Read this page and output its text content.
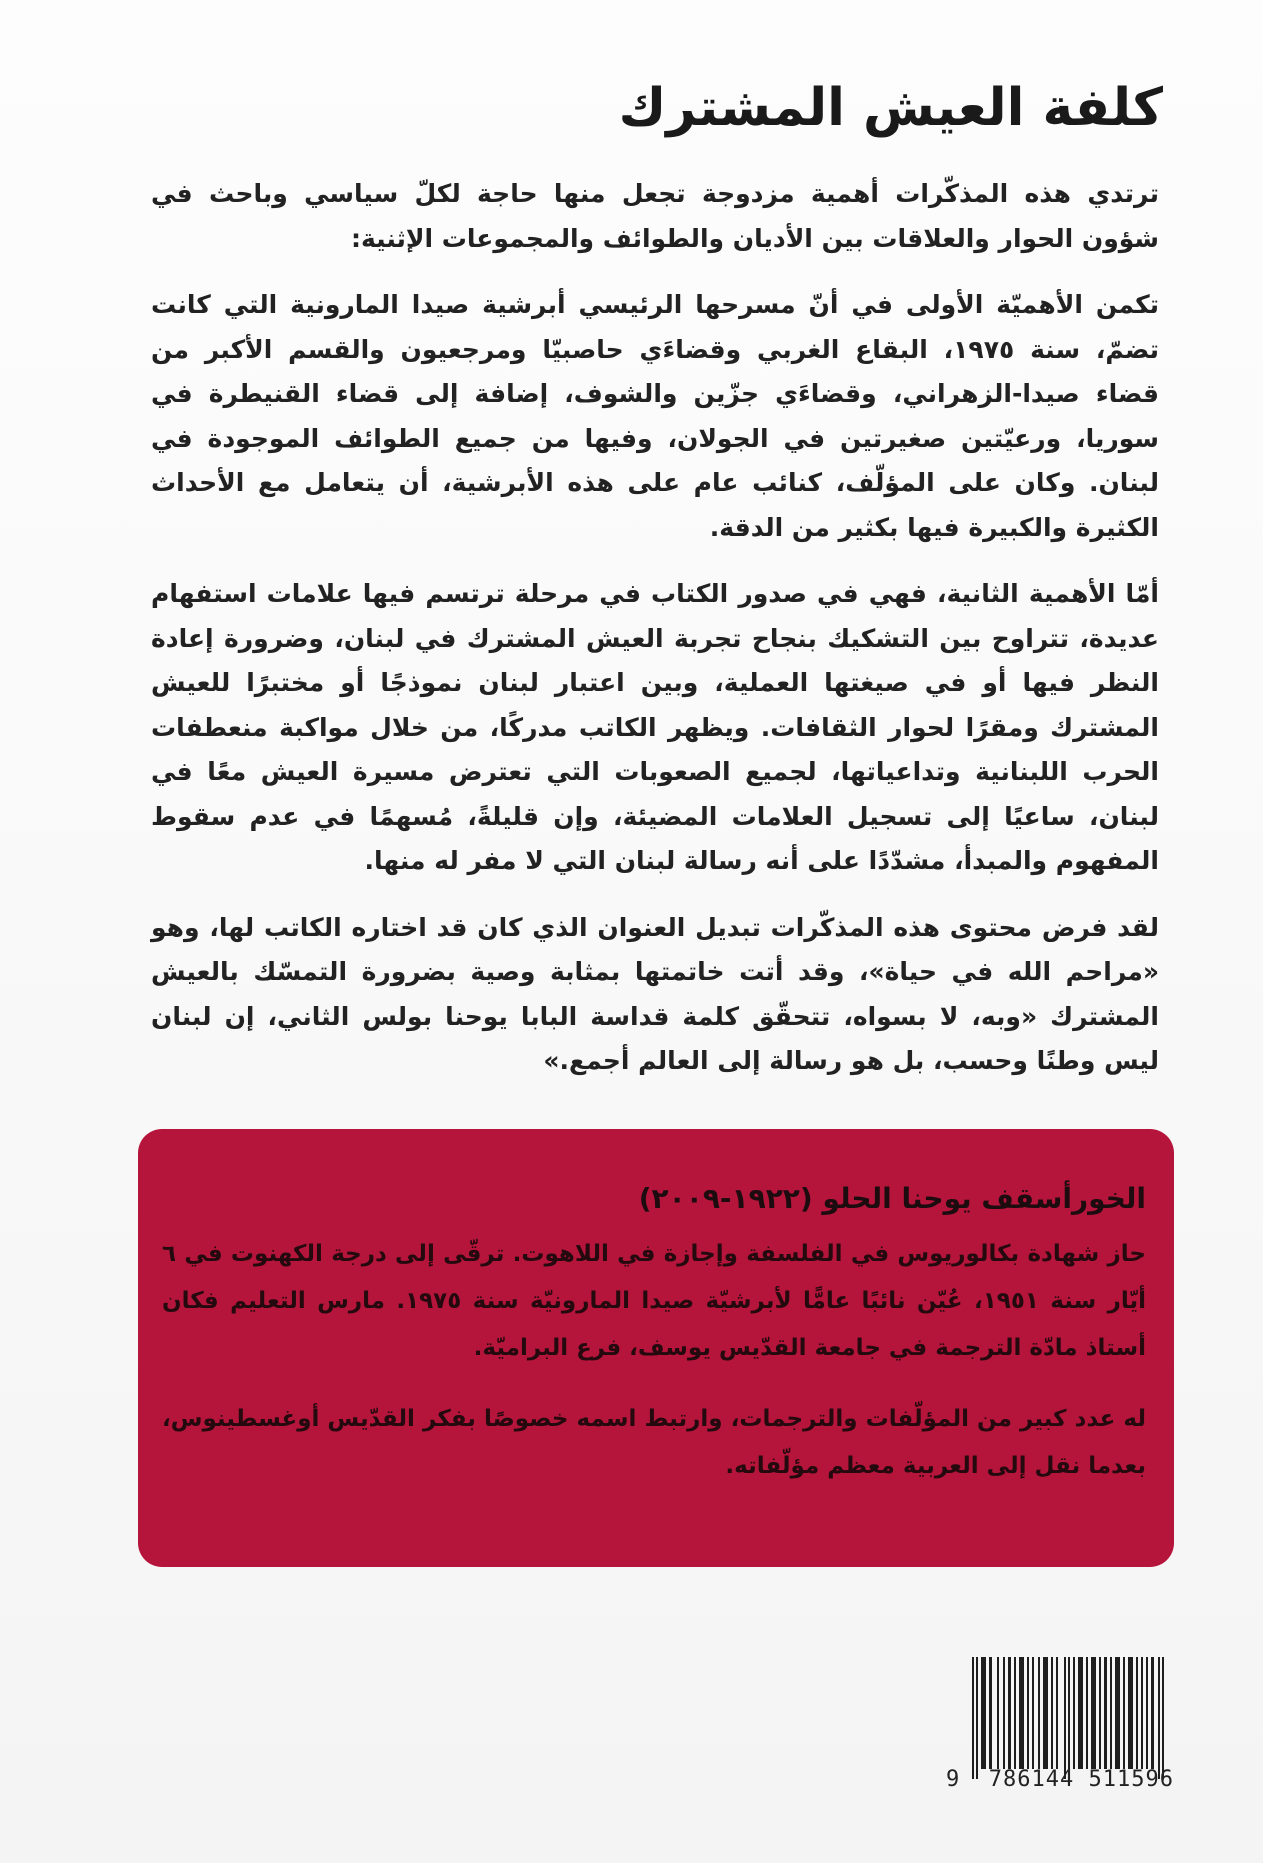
كلفة العيش المشترك

ترتدي هذه المذكّرات أهمية مزدوجة تجعل منها حاجة لكلّ سياسي وباحث في شؤون الحوار والعلاقات بين الأديان والطوائف والمجموعات الإثنية:

تكمن الأهميّة الأولى في أنّ مسرحها الرئيسي أبرشية صيدا المارونية التي كانت تضمّ، سنة ١٩٧٥، البقاع الغربي وقضاءَي حاصبيّا ومرجعيون والقسم الأكبر من قضاء صيدا-الزهراني، وقضاءَي جزّين والشوف، إضافة إلى قضاء القنيطرة في سوريا، ورعيّتين صغيرتين في الجولان، وفيها من جميع الطوائف الموجودة في لبنان. وكان على المؤلّف، كنائب عام على هذه الأبرشية، أن يتعامل مع الأحداث الكثيرة والكبيرة فيها بكثير من الدقة.

أمّا الأهمية الثانية، فهي في صدور الكتاب في مرحلة ترتسم فيها علامات استفهام عديدة، تتراوح بين التشكيك بنجاح تجربة العيش المشترك في لبنان، وضرورة إعادة النظر فيها أو في صيغتها العملية، وبين اعتبار لبنان نموذجًا أو مختبرًا للعيش المشترك ومقرًا لحوار الثقافات. ويظهر الكاتب مدركًا، من خلال مواكبة منعطفات الحرب اللبنانية وتداعياتها، لجميع الصعوبات التي تعترض مسيرة العيش معًا في لبنان، ساعيًا إلى تسجيل العلامات المضيئة، وإن قليلةً، مُسهمًا في عدم سقوط المفهوم والمبدأ، مشدّدًا على أنه رسالة لبنان التي لا مفر له منها.

لقد فرض محتوى هذه المذكّرات تبديل العنوان الذي كان قد اختاره الكاتب لها، وهو «مراحم الله في حياة»، وقد أتت خاتمتها بمثابة وصية بضرورة التمسّك بالعيش المشترك «وبه، لا بسواه، تتحقّق كلمة قداسة البابا يوحنا بولس الثاني، إن لبنان ليس وطنًا وحسب، بل هو رسالة إلى العالم أجمع.»

الخورأسقف يوحنا الحلو (١٩٢٢-٢٠٠٩)

حاز شهادة بكالوريوس في الفلسفة وإجازة في اللاهوت. ترقّى إلى درجة الكهنوت في ٦ أيّار سنة ١٩٥١، عُيّن نائبًا عامًّا لأبرشيّة صيدا المارونيّة سنة ١٩٧٥. مارس التعليم فكان أستاذ مادّة الترجمة في جامعة القدّيس يوسف، فرع البراميّة.

له عدد كبير من المؤلّفات والترجمات، وارتبط اسمه خصوصًا بفكر القدّيس أوغسطينوس، بعدما نقل إلى العربية معظم مؤلّفاته.

9 786144 511596
